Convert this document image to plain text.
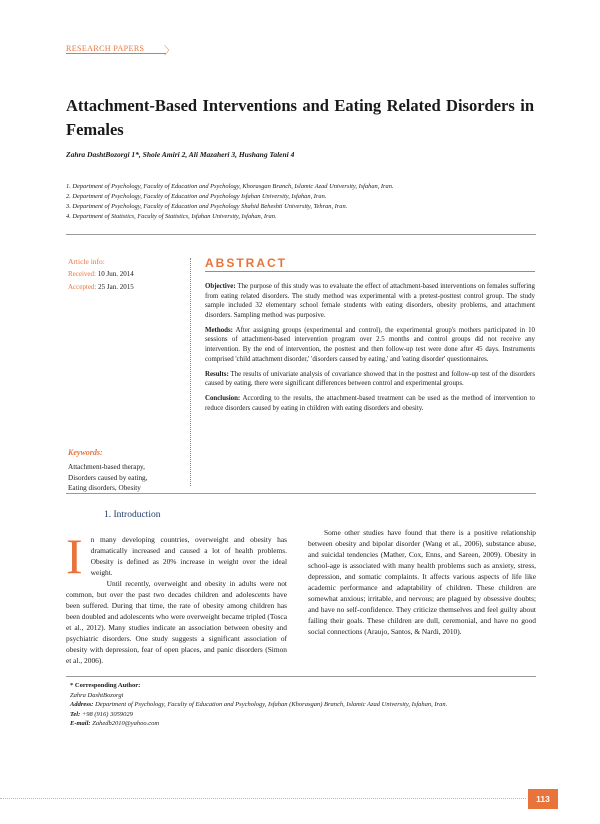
RESEARCH PAPERS 〉
Attachment-Based Interventions and Eating Related Disorders in Females
Zahra DashtBozorgi 1*, Shole Amiri 2, Ali Mazaheri 3, Hushang Taleni 4
1. Department of Psychology, Faculty of Education and Psychology, Khorasgan Branch, Islamic Azad University, Isfahan, Iran.
2. Department of Psychology, Faculty of Education and Psychology Isfahan University, Isfahan, Iran.
3. Department of Psychology, Faculty of Education and Psychology Shahid Beheshti University, Tehran, Iran.
4. Department of Statistics, Faculty of Statistics, Isfahan University, Isfahan, Iran.
Article info:
Received: 10 Jun. 2014
Accepted: 25 Jan. 2015
Keywords:
Attachment-based therapy,
Disorders caused by eating,
Eating disorders, Obesity
ABSTRACT

Objective: The purpose of this study was to evaluate the effect of attachment-based interventions on females suffering from eating related disorders. The study method was experimental with a pretest-posttest control group. The study sample included 32 elementary school female students with eating disorders, obesity problems, and attachment disorders. Sampling method was purposive.

Methods: After assigning groups (experimental and control), the experimental group's mothers participated in 10 sessions of attachment-based intervention program over 2.5 months and control groups did not receive any intervention. By the end of intervention, the posttest and then follow-up test were done after 45 days. Instruments comprised 'child attachment disorder,' 'disorders caused by eating,' and 'eating disorder' questionnaires.

Results: The results of univariate analysis of covariance showed that in the posttest and follow-up test of the disorders caused by eating, there were significant differences between control and experimental groups.

Conclusion: According to the results, the attachment-based treatment can be used as the method of intervention to reduce disorders caused by eating in children with eating disorders and obesity.

1. Introduction
I	n many developing countries, overweight and obesity has dramatically increased and caused a lot of health problems. Obesity is defined as 20% increase in weight over the ideal weight.

Until recently, overweight and obesity in adults were not common, but over the past two decades children and adolescents have been suffered. During that time, the rate of obesity among children has been doubled and adolescents who were overweight became tripled (Tosca et al., 2012). Many studies indicate an association between obesity and psychiatric disorders. One study suggests a significant association of obesity with depression, fear of open places, and panic disorders (Simon et al., 2006).

Some other studies have found that there is a positive relationship between obesity and bipolar disorder (Wang et al., 2006), substance abuse, and suicidal tendencies (Mather, Cox, Enns, and Sareen, 2009). Obesity in school-age is associated with many health problems such as anxiety, stress, depression, and somatic complaints. It affects various aspects of life like academic performance and adaptability of children. These children are somewhat anxious; irritable, and nervous; are plagued by obsessive doubts; and have no self-confidence. They criticize themselves and feel guilty about failing their goals. These children are dull, ceremonial, and have no good social connections (Araujo, Santos, & Nardi, 2010).

* Corresponding Author:
Zahra DashtBozorgi
Address: Department of Psychology, Faculty of Education and Psychology, Isfahan (Khorasgan) Branch, Islamic Azad University, Isfahan, Iran.
Tel: +98 (916) 3059029
E-mail: Zahedb2010@yahoo.com
113
